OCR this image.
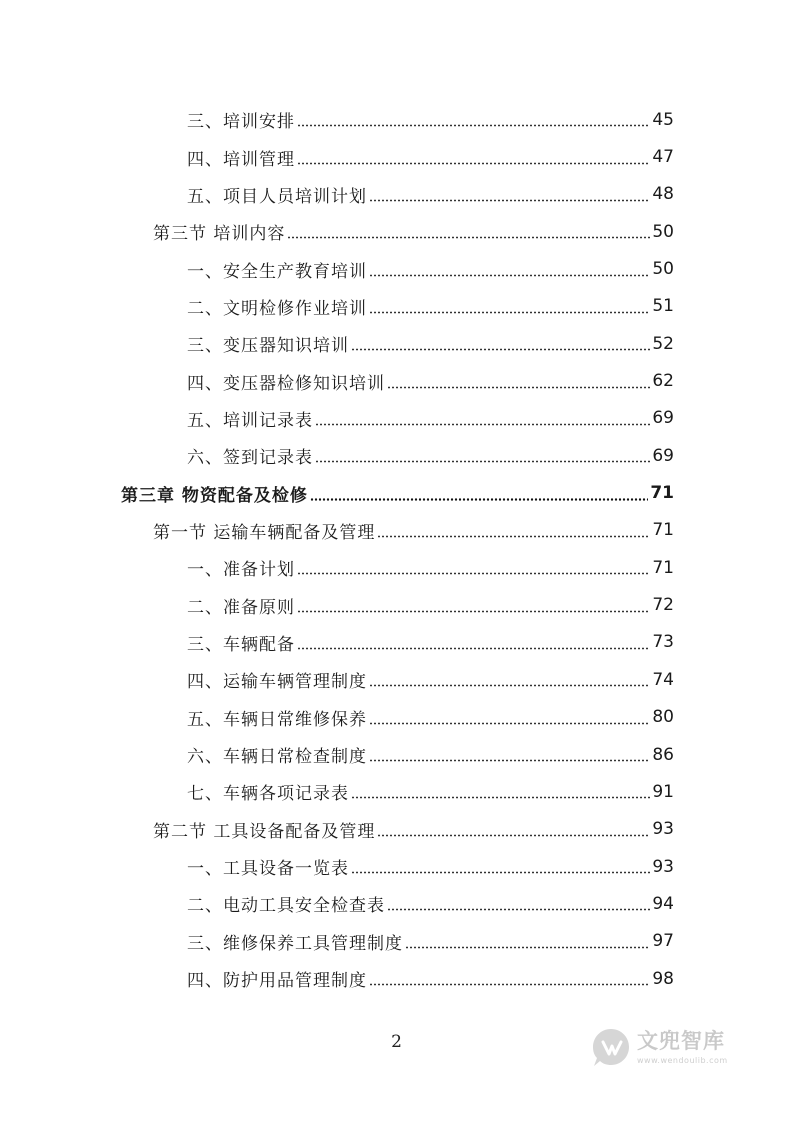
三、培训安排	45
四、培训管理	47
五、项目人员培训计划	48
第三节 培训内容	50
一、安全生产教育培训	50
二、文明检修作业培训	51
三、变压器知识培训	52
四、变压器检修知识培训	62
五、培训记录表	69
六、签到记录表	69
第三章 物资配备及检修	71
第一节 运输车辆配备及管理	71
一、准备计划	71
二、准备原则	72
三、车辆配备	73
四、运输车辆管理制度	74
五、车辆日常维修保养	80
六、车辆日常检查制度	86
七、车辆各项记录表	91
第二节 工具设备配备及管理	93
一、工具设备一览表	93
二、电动工具安全检查表	94
三、维修保养工具管理制度	97
四、防护用品管理制度	98
2	文兜智库
www.wendoulib.com
